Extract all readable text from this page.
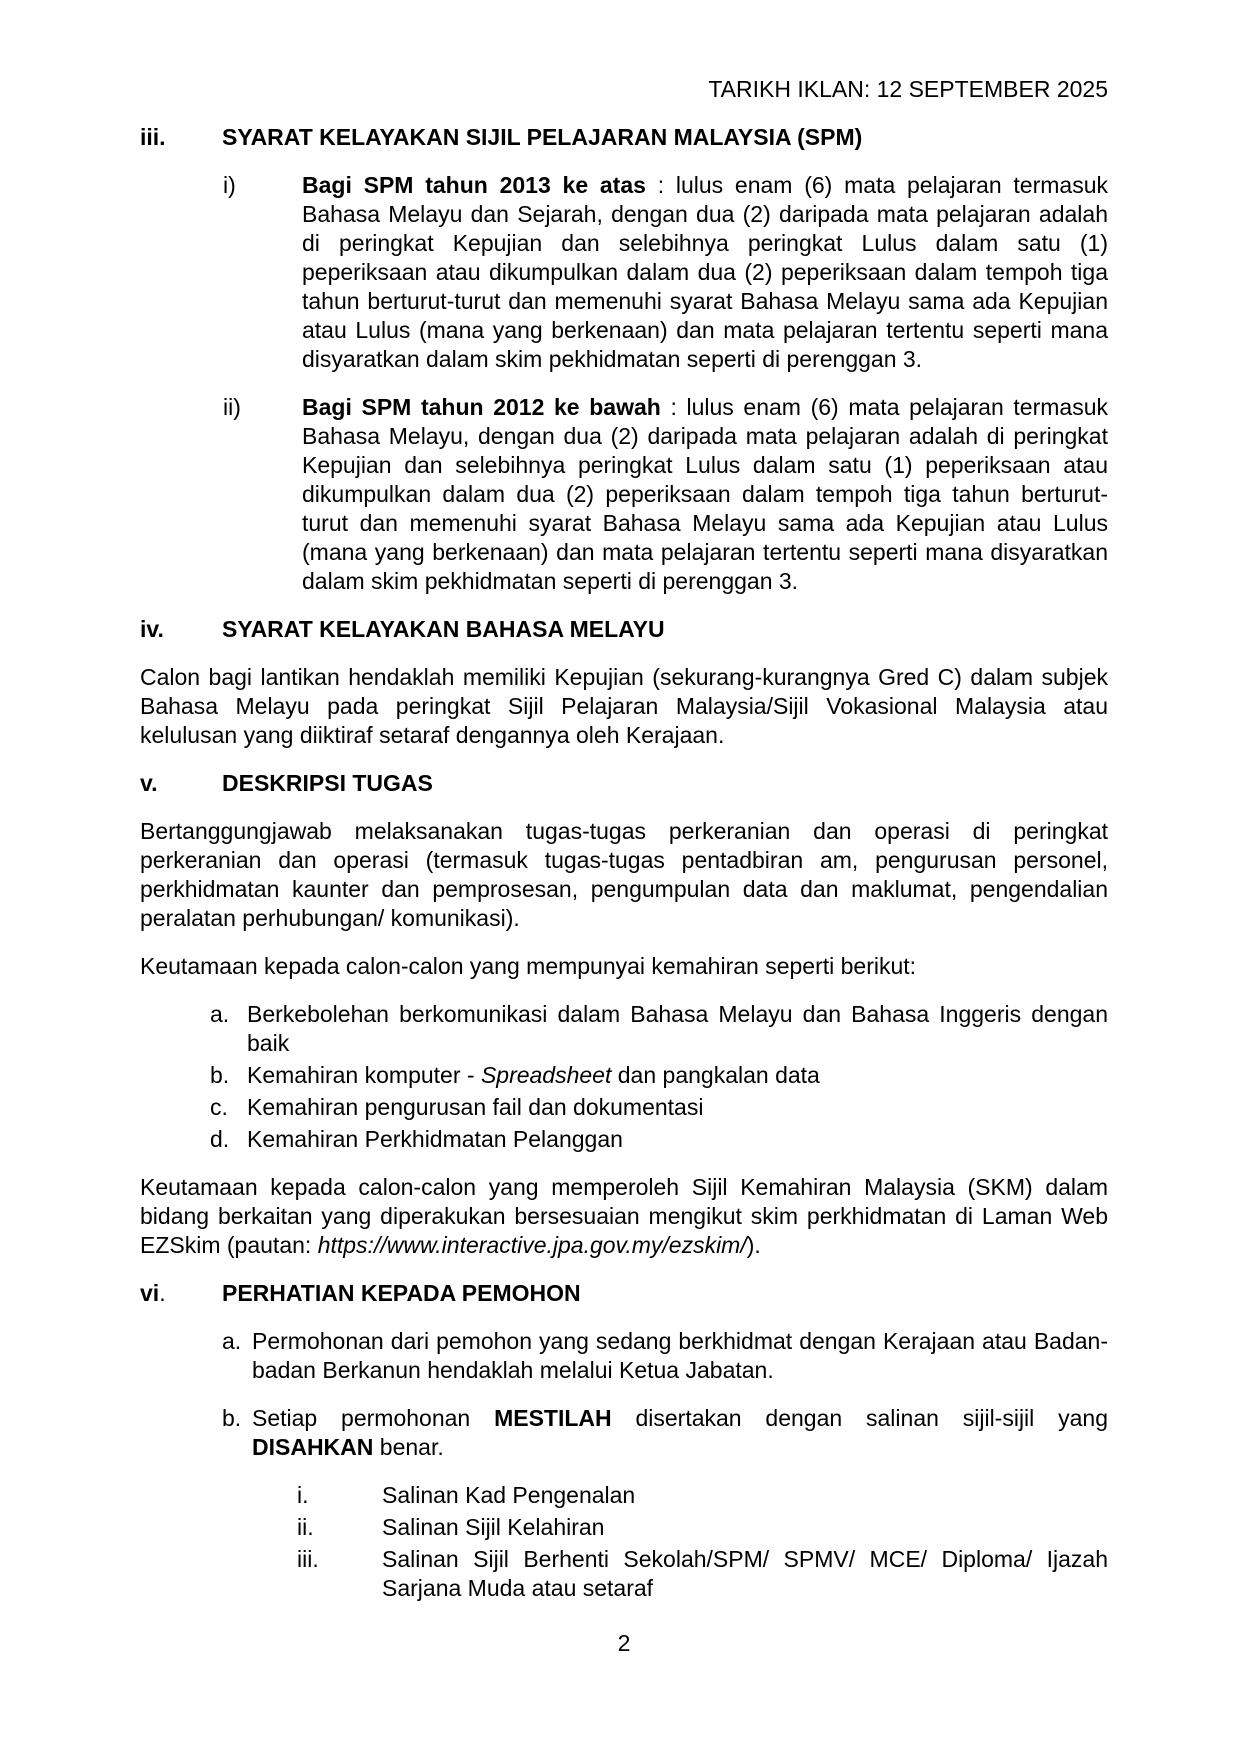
TARIKH IKLAN: 12 SEPTEMBER 2025
iii.	SYARAT KELAYAKAN SIJIL PELAJARAN MALAYSIA (SPM)
i)	Bagi SPM tahun 2013 ke atas : lulus enam (6) mata pelajaran termasuk Bahasa Melayu dan Sejarah, dengan dua (2) daripada mata pelajaran adalah di peringkat Kepujian dan selebihnya peringkat Lulus dalam satu (1) peperiksaan atau dikumpulkan dalam dua (2) peperiksaan dalam tempoh tiga tahun berturut-turut dan memenuhi syarat Bahasa Melayu sama ada Kepujian atau Lulus (mana yang berkenaan) dan mata pelajaran tertentu seperti mana disyaratkan dalam skim pekhidmatan seperti di perenggan 3.
ii)	Bagi SPM tahun 2012 ke bawah : lulus enam (6) mata pelajaran termasuk Bahasa Melayu, dengan dua (2) daripada mata pelajaran adalah di peringkat Kepujian dan selebihnya peringkat Lulus dalam satu (1) peperiksaan atau dikumpulkan dalam dua (2) peperiksaan dalam tempoh tiga tahun berturut-turut dan memenuhi syarat Bahasa Melayu sama ada Kepujian atau Lulus (mana yang berkenaan) dan mata pelajaran tertentu seperti mana disyaratkan dalam skim pekhidmatan seperti di perenggan 3.
iv.	SYARAT KELAYAKAN BAHASA MELAYU
Calon bagi lantikan hendaklah memiliki Kepujian (sekurang-kurangnya Gred C) dalam subjek Bahasa Melayu pada peringkat Sijil Pelajaran Malaysia/Sijil Vokasional Malaysia atau kelulusan yang diiktiraf setaraf dengannya oleh Kerajaan.
v.	DESKRIPSI TUGAS
Bertanggungjawab melaksanakan tugas-tugas perkeranian dan operasi di peringkat perkeranian dan operasi (termasuk tugas-tugas pentadbiran am, pengurusan personel, perkhidmatan kaunter dan pemprosesan, pengumpulan data dan maklumat, pengendalian peralatan perhubungan/ komunikasi).
Keutamaan kepada calon-calon yang mempunyai kemahiran seperti berikut:
a. Berkebolehan berkomunikasi dalam Bahasa Melayu dan Bahasa Inggeris dengan baik
b. Kemahiran komputer - Spreadsheet dan pangkalan data
c. Kemahiran pengurusan fail dan dokumentasi
d. Kemahiran Perkhidmatan Pelanggan
Keutamaan kepada calon-calon yang memperoleh Sijil Kemahiran Malaysia (SKM) dalam bidang berkaitan yang diperakukan bersesuaian mengikut skim perkhidmatan di Laman Web EZSkim (pautan: https://www.interactive.jpa.gov.my/ezskim/).
vi.	PERHATIAN KEPADA PEMOHON
a. Permohonan dari pemohon yang sedang berkhidmat dengan Kerajaan atau Badan-badan Berkanun hendaklah melalui Ketua Jabatan.
b. Setiap permohonan MESTILAH disertakan dengan salinan sijil-sijil yang DISAHKAN benar.
i.	Salinan Kad Pengenalan
ii.	Salinan Sijil Kelahiran
iii.	Salinan Sijil Berhenti Sekolah/SPM/ SPMV/ MCE/ Diploma/ Ijazah Sarjana Muda atau setaraf
2
